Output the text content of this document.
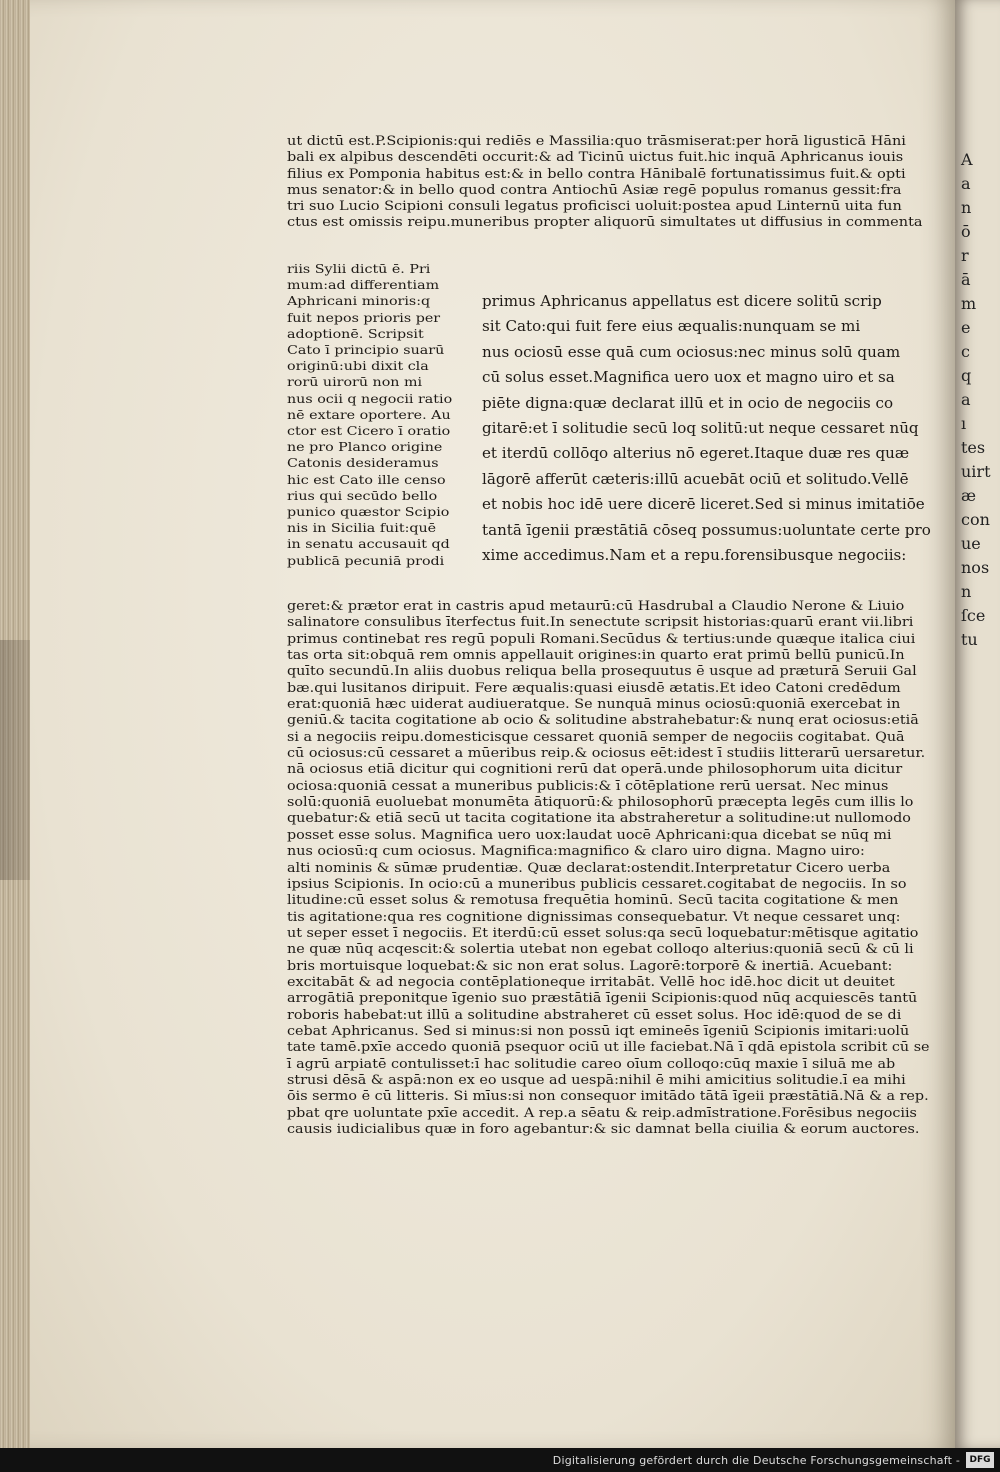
A
a
n
ō
r
ā
m
e
c
q
a
ı
tes
uirt
æ
con
ue
nos
n
ſce
tu
ut dictū est.P.Scipionis:qui rediēs e Massilia:quo trāsmiserat:per horā ligusticā Hāni
bali ex alpibus descendēti occurit:& ad Ticinū uictus fuit.hic inquā Aphricanus iouis
filius ex Pomponia habitus est:& in bello contra Hānibalē fortunatissimus fuit.& opti
mus senator:& in bello quod contra Antiochū Asiæ regē populus romanus gessit:fra
tri suo Lucio Scipioni consuli legatus proficisci uoluit:postea apud Linternū uita fun
ctus est omissis reipu.muneribus propter aliquorū simultates ut diffusius in commenta
riis Sylii dictū ē. Pri
mum:ad differentiam
Aphricani minoris:q
fuit nepos prioris per
adoptionē. Scripsit
Cato ī principio suarū
originū:ubi dixit cla
rorū uirorū non mi
nus ocii q negocii ratio
nē extare oportere. Au
ctor est Cicero ī oratio
ne pro Planco origine
Catonis desideramus
hic est Cato ille censo
rius qui secūdo bello
punico quæstor Scipio
nis in Sicilia fuit:quē
in senatu accusauit qd
publicā pecuniā prodi
primus Aphricanus appellatus est dicere solitū scrip
sit Cato:qui fuit fere eius æqualis:nunquam se mi
nus ociosū esse quā cum ociosus:nec minus solū quam
cū solus esset.Magnifica uero uox et magno uiro et sa
piēte digna:quæ declarat illū et in ocio de negociis co
gitarē:et ī solitudie secū loq solitū:ut neque cessaret nūq
et iterdū collōqo alterius nō egeret.Itaque duæ res quæ
lāgorē afferūt cæteris:illū acuebāt ociū et solitudo.Vellē
et nobis hoc idē uere dicerē liceret.Sed si minus imitatiōe
tantā īgenii præstātiā cōseq possumus:uoluntate certe pro
xime accedimus.Nam et a repu.forensibusque negociis:
geret:& prætor erat in castris apud metaurū:cū Hasdrubal a Claudio Nerone & Liuio
salinatore consulibus īterfectus fuit.In senectute scripsit historias:quarū erant vii.libri
primus continebat res regū populi Romani.Secūdus & tertius:unde quæque italica ciui
tas orta sit:obquā rem omnis appellauit origines:in quarto erat primū bellū punicū.In
quīto secundū.In aliis duobus reliqua bella prosequutus ē usque ad præturā Seruii Gal
bæ.qui lusitanos diripuit. Fere æqualis:quasi eiusdē ætatis.Et ideo Catoni credēdum
erat:quoniā hæc uiderat audiueratque. Se nunquā minus ociosū:quoniā exercebat in
geniū.& tacita cogitatione ab ocio & solitudine abstrahebatur:& nunq erat ociosus:etiā
si a negociis reipu.domesticisque cessaret quoniā semper de negociis cogitabat. Quā
cū ociosus:cū cessaret a mūeribus reip.& ociosus eēt:idest ī studiis litterarū uersaretur.
nā ociosus etiā dicitur qui cognitioni rerū dat operā.unde philosophorum uita dicitur
ociosa:quoniā cessat a muneribus publicis:& ī cōtēplatione rerū uersat. Nec minus
solū:quoniā euoluebat monumēta ātiquorū:& philosophorū præcepta legēs cum illis lo
quebatur:& etiā secū ut tacita cogitatione ita abstraheretur a solitudine:ut nullomodo
posset esse solus. Magnifica uero uox:laudat uocē Aphricani:qua dicebat se nūq mi
nus ociosū:q cum ociosus. Magnifica:magnifico & claro uiro digna. Magno uiro:
alti nominis & sūmæ prudentiæ. Quæ declarat:ostendit.Interpretatur Cicero uerba
ipsius Scipionis. In ocio:cū a muneribus publicis cessaret.cogitabat de negociis. In so
litudine:cū esset solus & remotusa frequētia hominū. Secū tacita cogitatione & men
tis agitatione:qua res cognitione dignissimas consequebatur. Vt neque cessaret unq:
ut seper esset ī negociis. Et iterdū:cū esset solus:qa secū loquebatur:mētisque agitatio
ne quæ nūq acqescit:& solertia utebat non egebat colloqo alterius:quoniā secū & cū li
bris mortuisque loquebat:& sic non erat solus. Lagorē:torporē & inertiā. Acuebant:
excitabāt & ad negocia contēplationeque irritabāt. Vellē hoc idē.hoc dicit ut deuitet
arrogātiā preponitque īgenio suo præstātiā īgenii Scipionis:quod nūq acquiescēs tantū
roboris habebat:ut illū a solitudine abstraheret cū esset solus. Hoc idē:quod de se di
cebat Aphricanus. Sed si minus:si non possū iqt emineēs īgeniū Scipionis imitari:uolū
tate tamē.pxīe accedo quoniā psequor ociū ut ille faciebat.Nā ī qdā epistola scribit cū se
ī agrū arpiatē contulisset:ī hac solitudie careo oīum colloqo:cūq maxie ī siluā me ab
strusi dēsā & aspā:non ex eo usque ad uespā:nihil ē mihi amicitius solitudie.ī ea mihi
ōis sermo ē cū litteris. Si mīus:si non consequor imitādo tātā īgeii præstātiā.Nā & a rep.
pbat qre uoluntate pxīe accedit. A rep.a sēatu & reip.admīstratione.Forēsibus negociis
causis iudicialibus quæ in foro agebantur:& sic damnat bella ciuilia & eorum auctores.
Digitalisierung gefördert durch die Deutsche Forschungsgemeinschaft -	DFG
